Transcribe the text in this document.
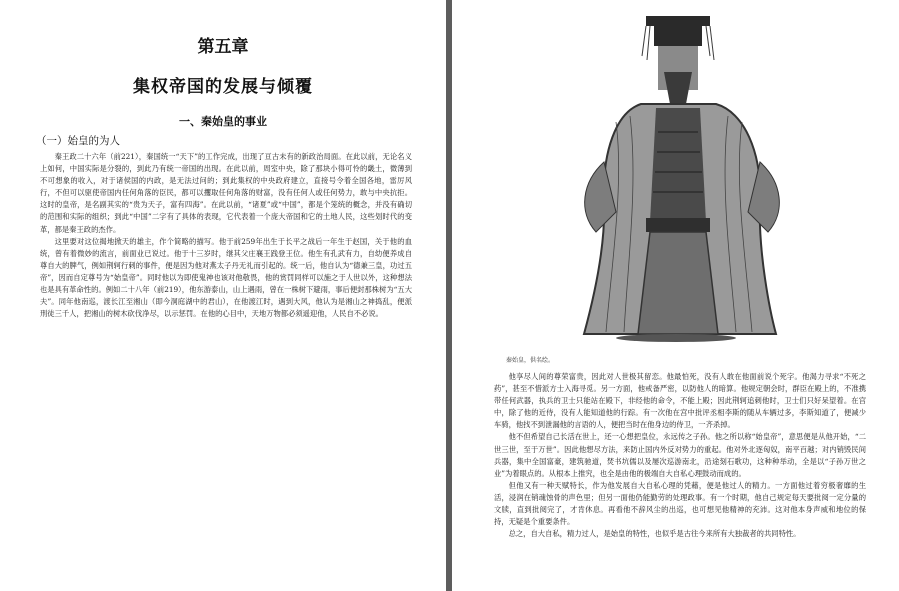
第五章
集权帝国的发展与倾覆
一、秦始皇的事业
（一）始皇的为人

秦王政二十六年（前221），秦国统一“天下”的工作完成，出现了亘古未有的新政治局面。在此以前，无论名义上如何，中国实际是分裂的，到此乃有统一帝国的出现。在此以前，周室中央，除了那块小得可怜的畿土，微薄到不可想象的收入，对于诸侯国的内政，是无法过问的；到此集权的中央政府建立，直接号令着全国各地，雷厉风行，不但可以驱使帝国内任何角落的臣民，都可以攫取任何角落的财富，没有任何人或任何势力，敢与中央抗拒。这时的皇帝，是名副其实的“贵为天子，富有四海”。在此以前，“诸夏”或“中国”，都是个笼统的概念，并没有确切的范围和实际的组织；到此“中国”二字有了具体的表现，它代表着一个庞大帝国和它的土地人民，这些划时代的变革，都是秦王政的杰作。

这里要对这位揭地掀天的雄主，作个简略的描写。他于前259年出生于长平之战后一年生于赵国，关于他的血统，曾有着微妙的流言，前面业已说过。他于十三岁时，继其父庄襄王践登王位。他生有孔武有力，自幼便养成自尊自大的脾气，例如荆轲行刺的事件，便是因为他对燕太子丹无礼而引起的。统一后，他自认为“德兼三皇，功过五帝”，因而自定尊号为“始皇帝”。同时他以为即使鬼神也该对他敬畏，他的赏罚同样可以施之于人世以外，这种想法也是具有革命性的。例如二十八年（前219），他东游泰山，山上遇雨，曾在一株树下避雨，事后便封那株树为“五大夫”。同年他南巡，渡长江至湘山（即今洞庭湖中的君山），在他渡江时，遇到大风，他认为是湘山之神捣乱，便派刑徒三千人，把湘山的树木砍伐净尽，以示惩罚。在他的心目中，天地万物都必须遥迎他，人民自不必说。

秦始皇，供名绘。

他享尽人间的尊荣富贵，因此对人世极其留恋。他最怕死，没有人敢在他面前说个死字。他渴力寻求“不死之药”，甚至不惜派方士入海寻觅。另一方面，他戒备严密，以防他人的暗算。他规定朝会时，群臣在殿上的，不准携带任何武器，执兵的卫士只能站在殿下，非经他的命令，不能上殿；因此荆轲追刺他时，卫士们只好呆望着。在宫中，除了他的近侍，没有人能知道他的行踪。有一次他在宫中批评丞相李斯的随从车辆过多，李斯知道了，便减少车骑，他找不到泄漏他的言语的人，便把当时在他身边的侍卫，一齐杀掉。

他不但希望自己长活在世上，还一心想把皇位，永远传之子孙。他之所以称“始皇帝”，意思便是从他开始，“二世三世，至于万世”。因此他想尽方法，来防止国内外反对势力的重起。他对外北逐匈奴，南平百越；对内销毁民间兵器，集中全国富豪，建筑驰道，焚书坑儒以及屡次巡游南北，沿途刻石歌功，这种种举动，全是以“子孙万世之业”为着眼点的。从根本上推究，也全是由他的极端自大自私心理鼓动而成的。

但他又有一种天赋特长，作为他发展自大自私心理的凭藉，便是他过人的精力。一方面他过着穷极奢靡的生活，浸润在销魂蚀骨的声色里；但另一面他仍能勤劳的处理政事。有一个时期，他自己规定每天要批阅一定分量的文牍，直到批阅完了，才肯休息。再看他不辞风尘的出巡，也可想见他精神的充沛。这对他本身声威和地位的保持，无疑是个重要条件。

总之，自大自私，精力过人，是始皇的特性，也似乎是古往今来所有大独裁者的共同特性。
